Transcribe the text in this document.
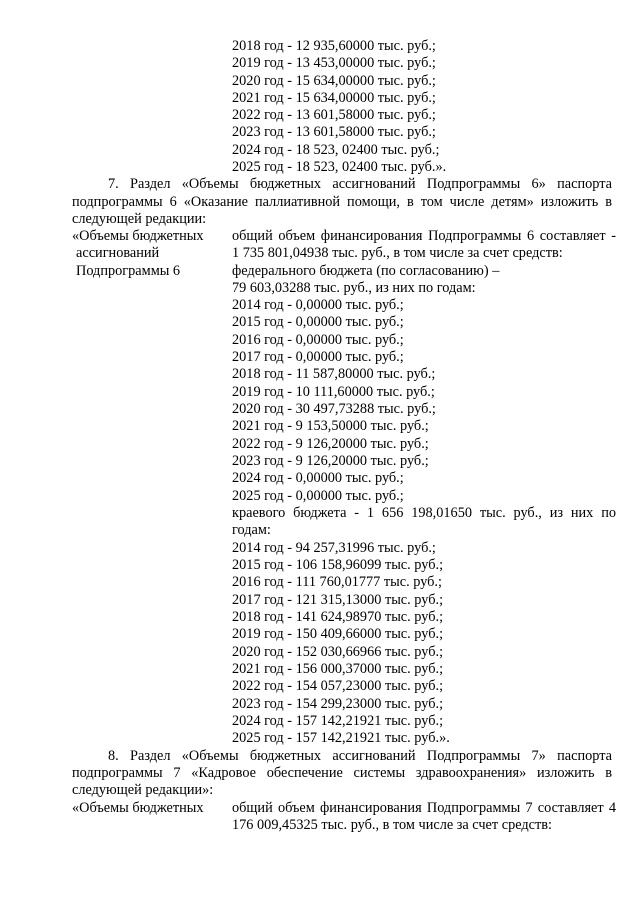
2018 год - 12 935,60000 тыс. руб.;
2019 год - 13 453,00000 тыс. руб.;
2020 год - 15 634,00000 тыс. руб.;
2021 год - 15 634,00000 тыс. руб.;
2022 год - 13 601,58000 тыс. руб.;
2023 год - 13 601,58000 тыс. руб.;
2024 год - 18 523, 02400 тыс. руб.;
2025 год - 18 523, 02400 тыс. руб.».
7. Раздел «Объемы бюджетных ассигнований Подпрограммы 6» паспорта
подпрограммы 6 «Оказание паллиативной помощи, в том числе детям» изложить в
следующей редакции:
«Объемы бюджетных
ассигнований
Подпрограммы 6
общий объем финансирования Подпрограммы 6 составляет -
1 735 801,04938 тыс. руб., в том числе за счет средств:
федерального бюджета (по согласованию) –
79 603,03288 тыс. руб., из них по годам:
2014 год - 0,00000 тыс. руб.;
2015 год - 0,00000 тыс. руб.;
2016 год - 0,00000 тыс. руб.;
2017 год - 0,00000 тыс. руб.;
2018 год - 11 587,80000 тыс. руб.;
2019 год - 10 111,60000 тыс. руб.;
2020 год - 30 497,73288 тыс. руб.;
2021 год - 9 153,50000 тыс. руб.;
2022 год - 9 126,20000 тыс. руб.;
2023 год - 9 126,20000 тыс. руб.;
2024 год - 0,00000 тыс. руб.;
2025 год - 0,00000 тыс. руб.;
краевого бюджета - 1 656 198,01650 тыс. руб., из них по
годам:
2014 год - 94 257,31996 тыс. руб.;
2015 год - 106 158,96099 тыс. руб.;
2016 год - 111 760,01777 тыс. руб.;
2017 год - 121 315,13000 тыс. руб.;
2018 год - 141 624,98970 тыс. руб.;
2019 год - 150 409,66000 тыс. руб.;
2020 год - 152 030,66966 тыс. руб.;
2021 год - 156 000,37000 тыс. руб.;
2022 год - 154 057,23000 тыс. руб.;
2023 год - 154 299,23000 тыс. руб.;
2024 год - 157 142,21921 тыс. руб.;
2025 год - 157 142,21921 тыс. руб.».
8. Раздел «Объемы бюджетных ассигнований Подпрограммы 7» паспорта
подпрограммы 7 «Кадровое обеспечение системы здравоохранения» изложить в
следующей редакции»:
«Объемы бюджетных общий объем финансирования Подпрограммы 7 составляет 4
176 009,45325 тыс. руб., в том числе за счет средств:
